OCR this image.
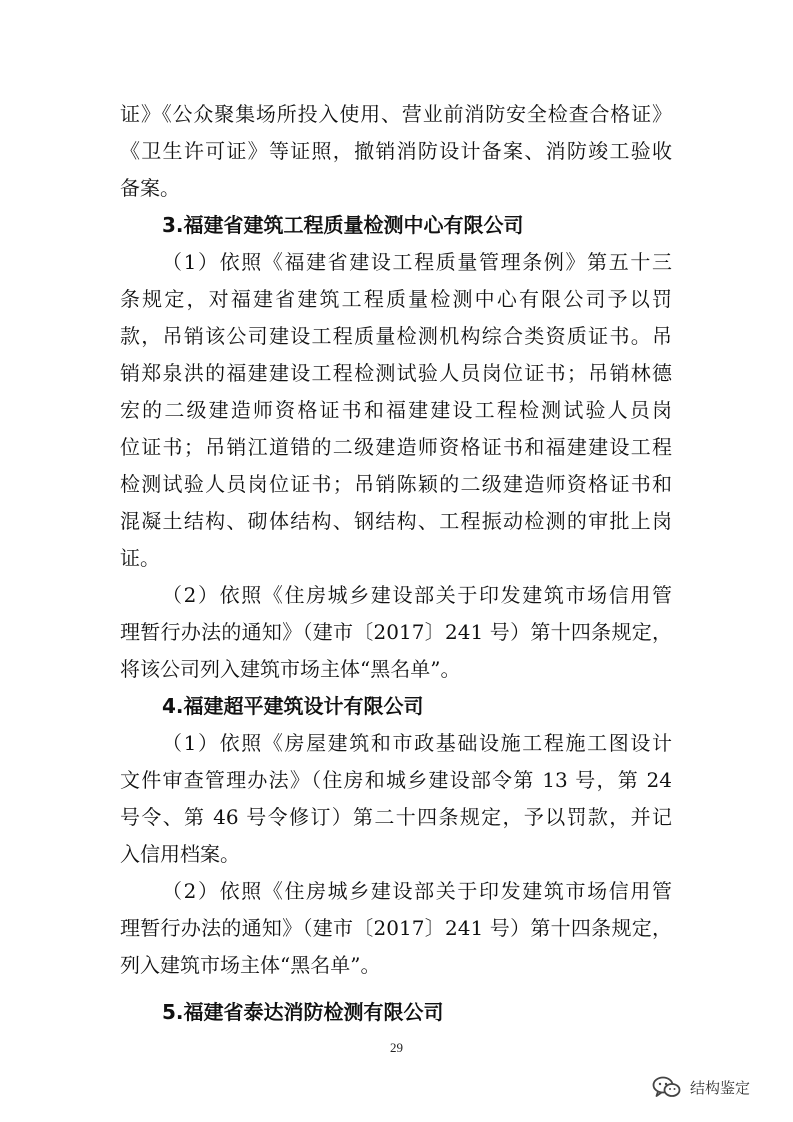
证》《公众聚集场所投入使用、营业前消防安全检查合格证》
《卫生许可证》等证照，撤销消防设计备案、消防竣工验收
备案。
3.福建省建筑工程质量检测中心有限公司
（1）依照《福建省建设工程质量管理条例》第五十三
条规定，对福建省建筑工程质量检测中心有限公司予以罚
款，吊销该公司建设工程质量检测机构综合类资质证书。吊
销郑泉洪的福建建设工程检测试验人员岗位证书；吊销林德
宏的二级建造师资格证书和福建建设工程检测试验人员岗
位证书；吊销江道错的二级建造师资格证书和福建建设工程
检测试验人员岗位证书；吊销陈颖的二级建造师资格证书和
混凝土结构、砌体结构、钢结构、工程振动检测的审批上岗
证。
（2）依照《住房城乡建设部关于印发建筑市场信用管
理暂行办法的通知》（建市〔2017〕241 号）第十四条规定，
将该公司列入建筑市场主体“黑名单”。
4.福建超平建筑设计有限公司
（1）依照《房屋建筑和市政基础设施工程施工图设计
文件审查管理办法》（住房和城乡建设部令第 13 号，第 24
号令、第 46 号令修订）第二十四条规定，予以罚款，并记
入信用档案。
（2）依照《住房城乡建设部关于印发建筑市场信用管
理暂行办法的通知》（建市〔2017〕241 号）第十四条规定，
列入建筑市场主体“黑名单”。
5.福建省泰达消防检测有限公司
29
结构鉴定
